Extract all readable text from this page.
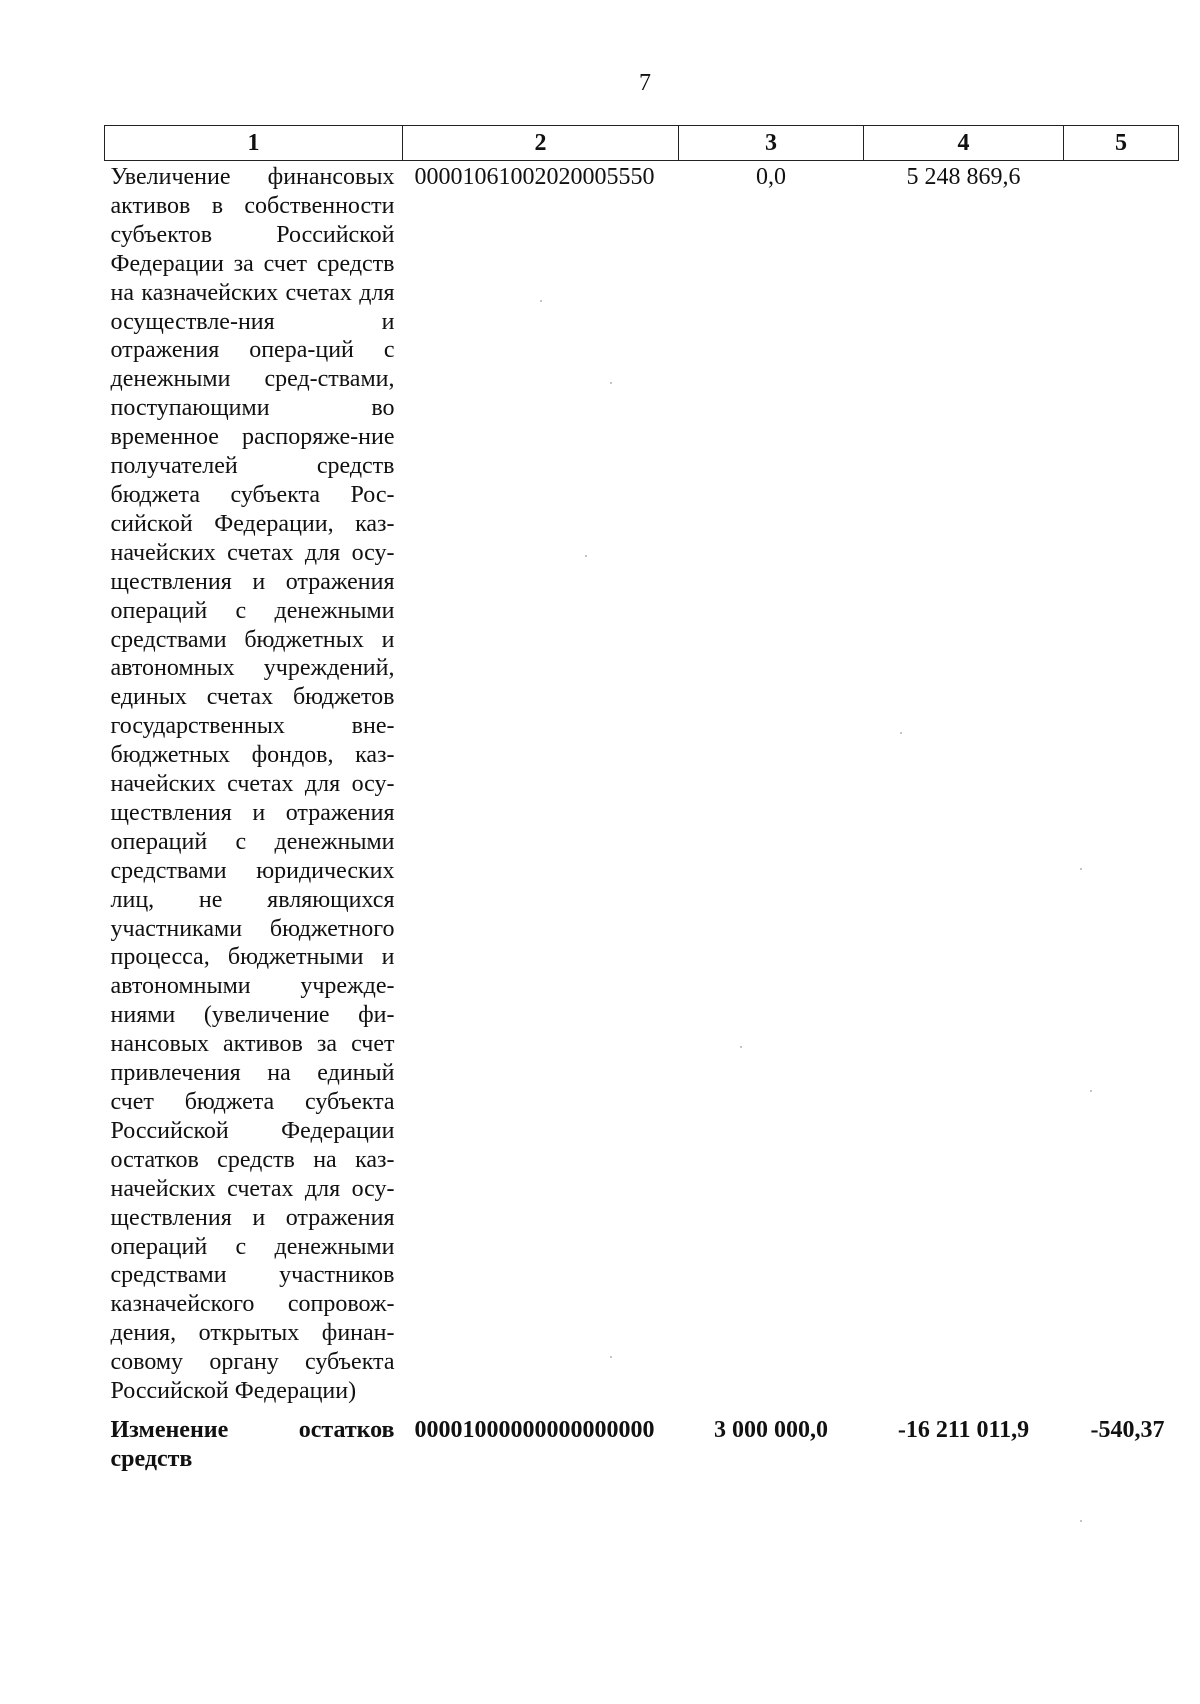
7
1	2	3	4	5
Увеличение финансовых активов в собственности субъектов Российской Федерации за счет средств на казначейских счетах для осуществле-ния и отражения опера-ций с денежными сред-ствами, поступающими во временное распоряже-ние получателей средств бюджета субъекта Рос-сийской Федерации, каз-начейских счетах для осу-ществления и отражения операций с денежными средствами бюджетных и автономных учреждений, единых счетах бюджетов государственных вне-бюджетных фондов, каз-начейских счетах для осу-ществления и отражения операций с денежными средствами юридических лиц, не являющихся участниками бюджетного процесса, бюджетными и автономными учрежде-ниями (увеличение фи-нансовых активов за счет привлечения на единый счет бюджета субъекта Российской Федерации остатков средств на каз-начейских счетах для осу-ществления и отражения операций с денежными средствами участников казначейского сопровож-дения, открытых финан-совому органу субъекта Российской Федерации)	00001061002020005550	0,0	5 248 869,6	
Изменение остатков средств	00001000000000000000	3 000 000,0	-16 211 011,9	-540,37
